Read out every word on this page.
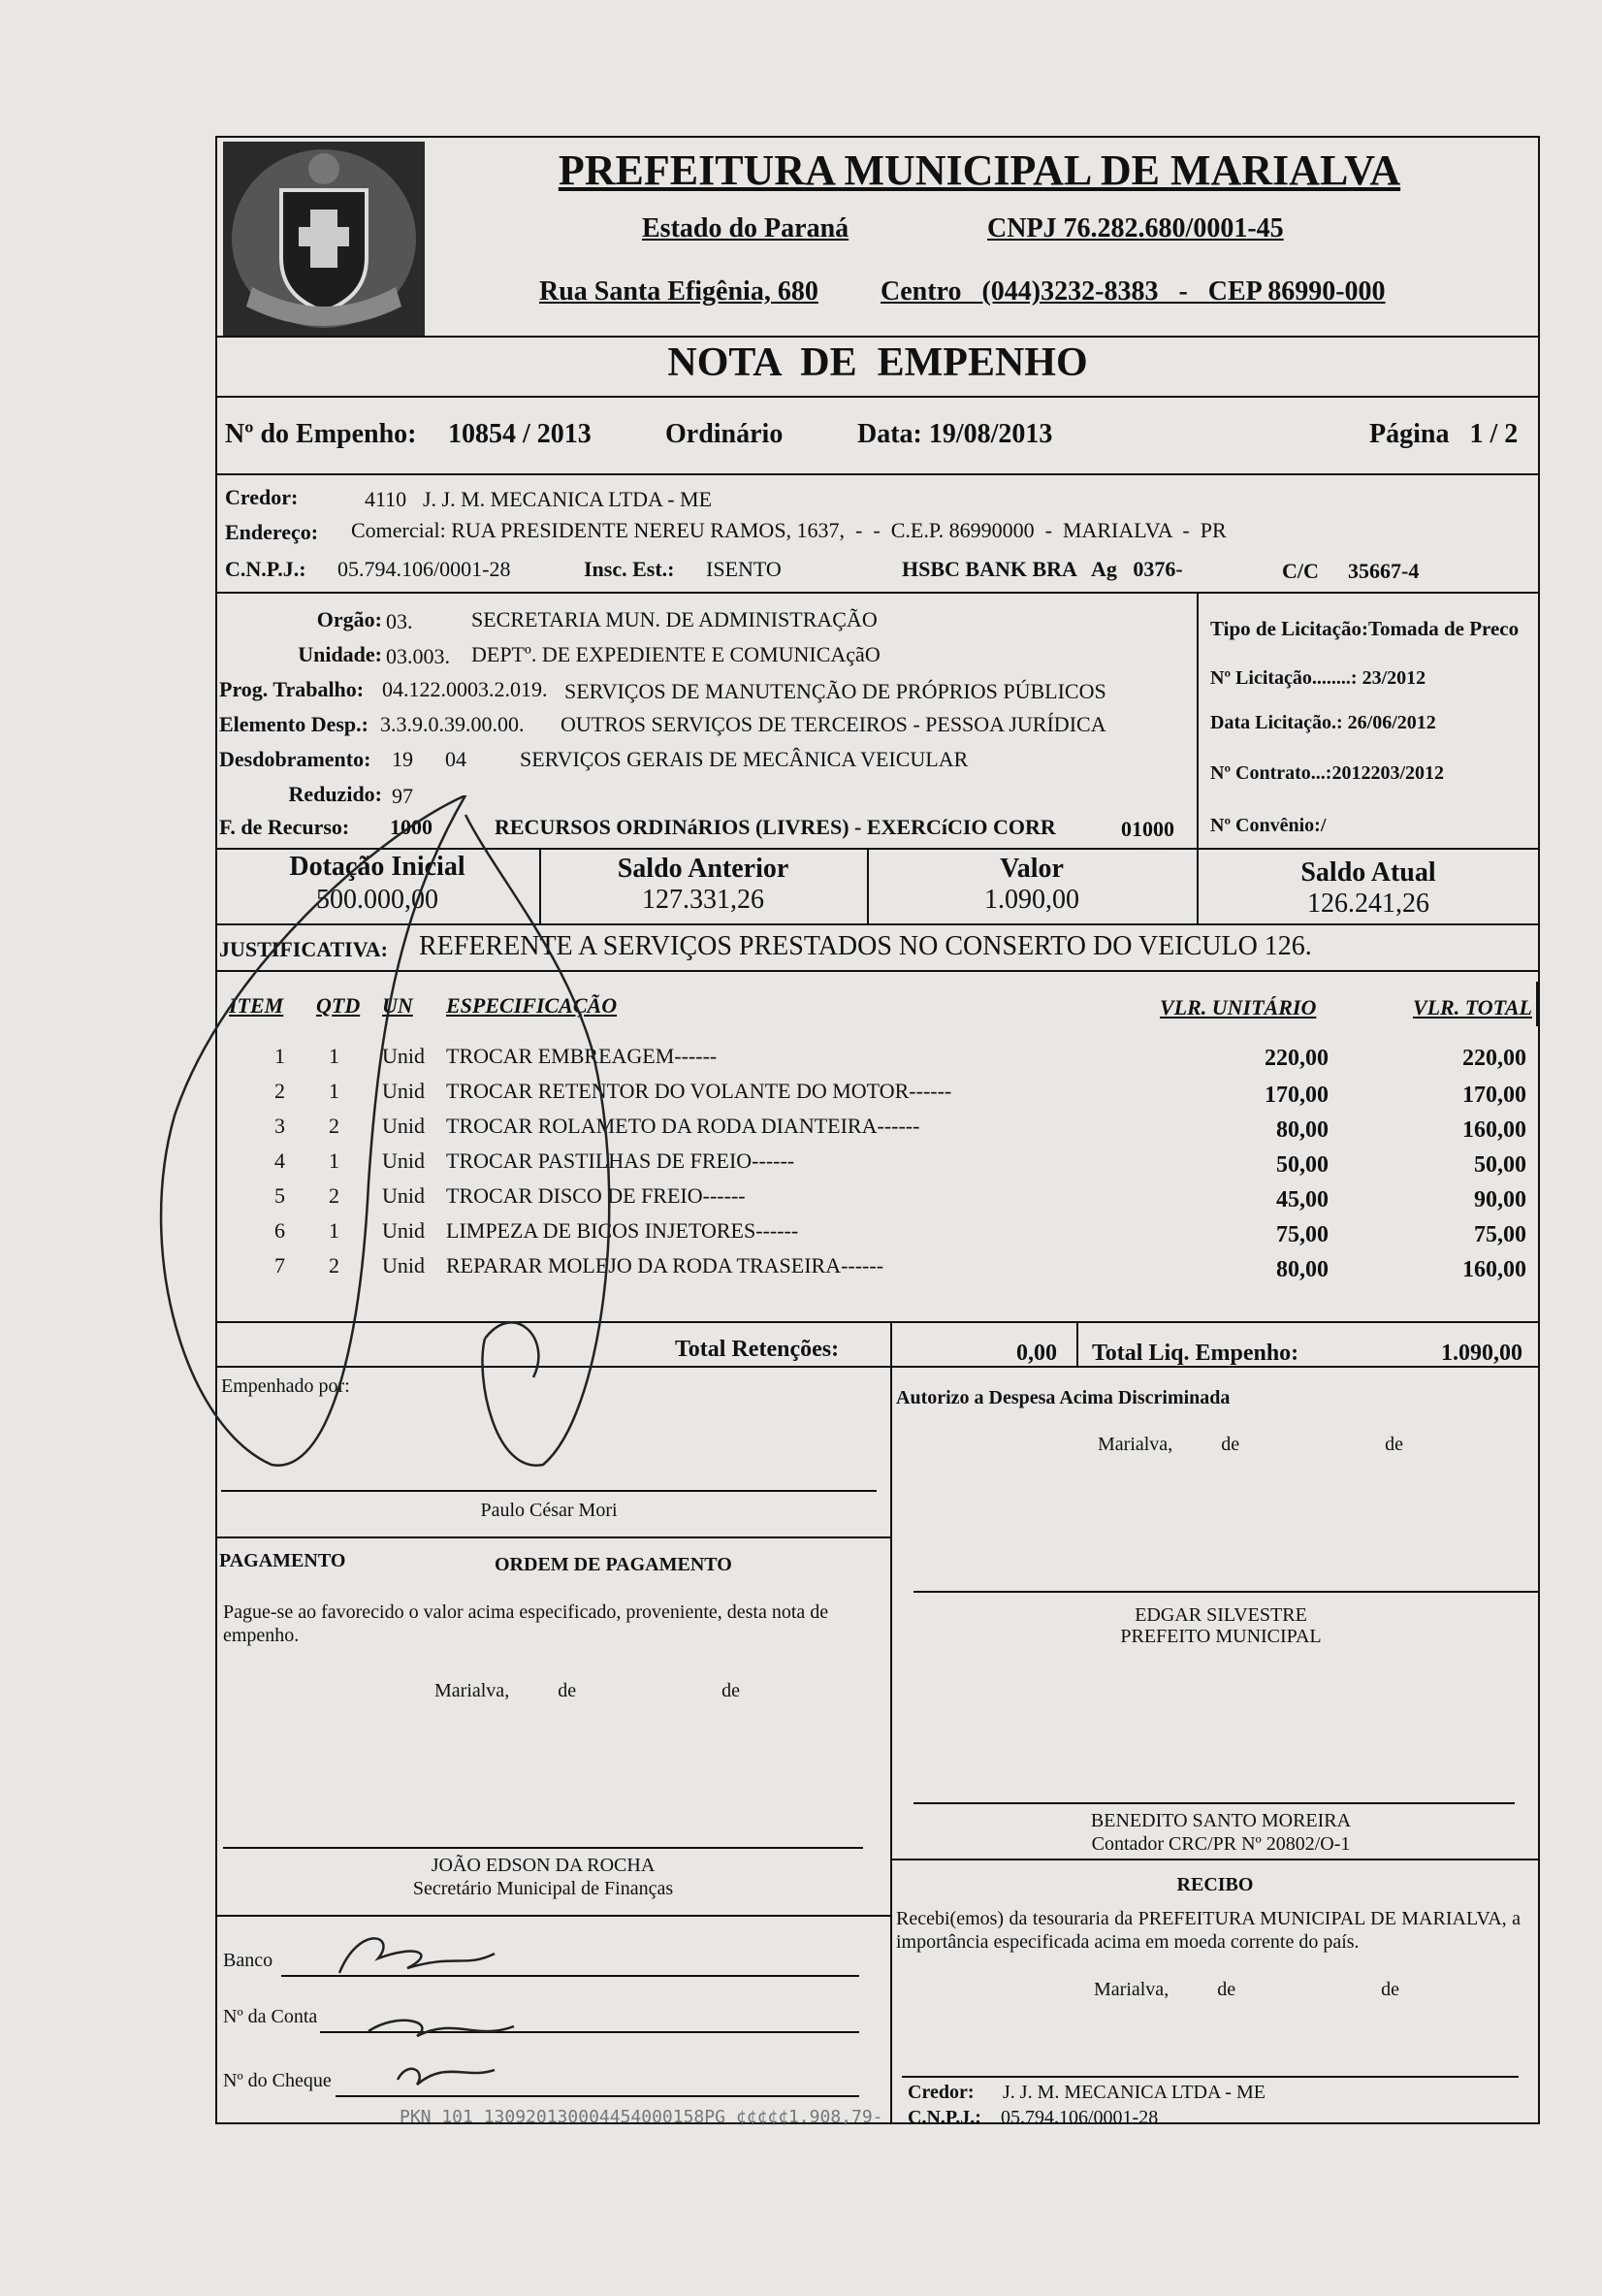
PREFEITURA MUNICIPAL DE MARIALVA
Estado do Paraná	CNPJ 76.282.680/0001-45
Rua Santa Efigênia, 680 Centro   (044)3232-8383   -   CEP 86990-000
NOTA  DE  EMPENHO
Nº do Empenho: 10854 / 2013	Ordinário	Data: 19/08/2013	Página   1 / 2
Credor:	4110 J. J. M. MECANICA LTDA - ME
Endereço: Comercial: RUA PRESIDENTE NEREU RAMOS, 1637,  -  -  C.E.P. 86990000  -  MARIALVA  -  PR
C.N.P.J.: 05.794.106/0001-28	Insc. Est.: ISENTO	HSBC BANK BRA   Ag   0376-	C/C 35667-4
Orgão: 03.	SECRETARIA MUN. DE ADMINISTRAÇÃO
Unidade: 03.003. DEPTº. DE EXPEDIENTE E COMUNICAçãO
Prog. Trabalho: 04.122.0003.2.019. SERVIÇOS DE MANUTENÇÃO DE PRÓPRIOS PÚBLICOS
Elemento Desp.: 3.3.9.0.39.00.00. OUTROS SERVIÇOS DE TERCEIROS - PESSOA JURÍDICA
Desdobramento: 19      04	SERVIÇOS GERAIS DE MECÂNICA VEICULAR
Reduzido: 97
F. de Recurso: 1000	RECURSOS ORDINáRIOS (LIVRES) - EXERCíCIO CORR	01000
Tipo de Licitação:Tomada de Preco
Nº Licitação........: 23/2012
Data Licitação.: 26/06/2012
Nº Contrato...:2012203/2012
Nº Convênio:/
Dotação Inicial
500.000,00
Saldo Anterior
127.331,26
Valor
1.090,00
Saldo Atual
126.241,26
JUSTIFICATIVA: REFERENTE A SERVIÇOS PRESTADOS NO CONSERTO DO VEICULO 126.
ITEM QTD UN ESPECIFICAÇÃO	VLR. UNITÁRIO	VLR. TOTAL
1	1 Unid TROCAR EMBREAGEM------	220,00	220,00
2	1 Unid TROCAR RETENTOR DO VOLANTE DO MOTOR------	170,00	170,00
3	2 Unid TROCAR ROLAMETO DA RODA DIANTEIRA------	80,00	160,00
4	1 Unid TROCAR PASTILHAS DE FREIO------	50,00	50,00
5	2 Unid TROCAR DISCO DE FREIO------	45,00	90,00
6	1 Unid LIMPEZA DE BICOS INJETORES------	75,00	75,00
7	2 Unid REPARAR MOLEJO DA RODA TRASEIRA------	80,00	160,00
Total Retenções:	0,00 Total Liq. Empenho:	1.090,00
Empenhado por:
Autorizo a Despesa Acima Discriminada
Marialva,          de                              de
Paulo César Mori
PAGAMENTO	ORDEM DE PAGAMENTO
Pague-se ao favorecido o valor acima especificado, proveniente, desta nota de empenho.
Marialva,          de                              de
EDGAR SILVESTRE
PREFEITO MUNICIPAL
BENEDITO SANTO MOREIRA
Contador CRC/PR Nº 20802/O-1
RECIBO
Recebi(emos) da tesouraria da PREFEITURA MUNICIPAL DE MARIALVA, a importância especificada acima em moeda corrente do país.
Marialva,          de                              de
JOÃO EDSON DA ROCHA
Secretário Municipal de Finanças
Banco
Nº da Conta
Nº do Cheque
Credor: J. J. M. MECANICA LTDA - ME
C.N.P.J.: 05.794.106/0001-28
PKN 101 130920130004454000158PG ¢¢¢¢¢1.908,79-
